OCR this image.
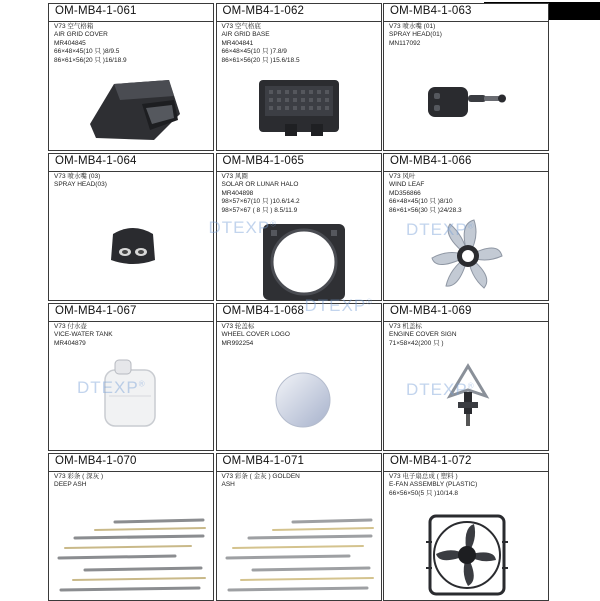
OM-MB4-1-061
V73 空气格箱
AIR GRID COVER
MR404845
66×48×45(10 只 )8/9.5
86×61×56(20 只 )16/18.9
OM-MB4-1-062
V73 空气格底
AIR GRID BASE
MR404841
66×48×45(10 只 )7.8/9
86×61×56(20 只 )15.6/18.5
OM-MB4-1-063
V73 喷水嘴 (01)
SPRAY HEAD(01)
MN117092
OM-MB4-1-064
V73 喷水嘴 (03)
SPRAY HEAD(03)
OM-MB4-1-065
V73 风圈
SOLAR OR LUNAR HALO
MR404898
98×57×67(10 只 )10.6/14.2
98×57×67 ( 8 只 ) 8.5/11.9
DTEXP®
OM-MB4-1-066
V73 风叶
WIND LEAF
MD356866
66×48×45(10 只 )8/10
86×61×56(30 只 )24/28.3
DTEXP®
OM-MB4-1-067
V73 付水壶
VICE-WATER TANK
MR404879
DTEXP®
OM-MB4-1-068
V73 轮盖标
WHEEL COVER LOGO
MR992254
DTEXP®
OM-MB4-1-069
V73 机盖标
ENGINE COVER SIGN
71×58×42(200 只 )
DTEXP®
OM-MB4-1-070
V73 彩条 ( 深灰 )
DEEP ASH
OM-MB4-1-071
V73 彩条 ( 金灰 ) GOLDEN
ASH
OM-MB4-1-072
V73 电子扇总成 ( 塑料 )
E-FAN ASSEMBLY (PLASTIC)
66×56×50(5 只 )10/14.8
